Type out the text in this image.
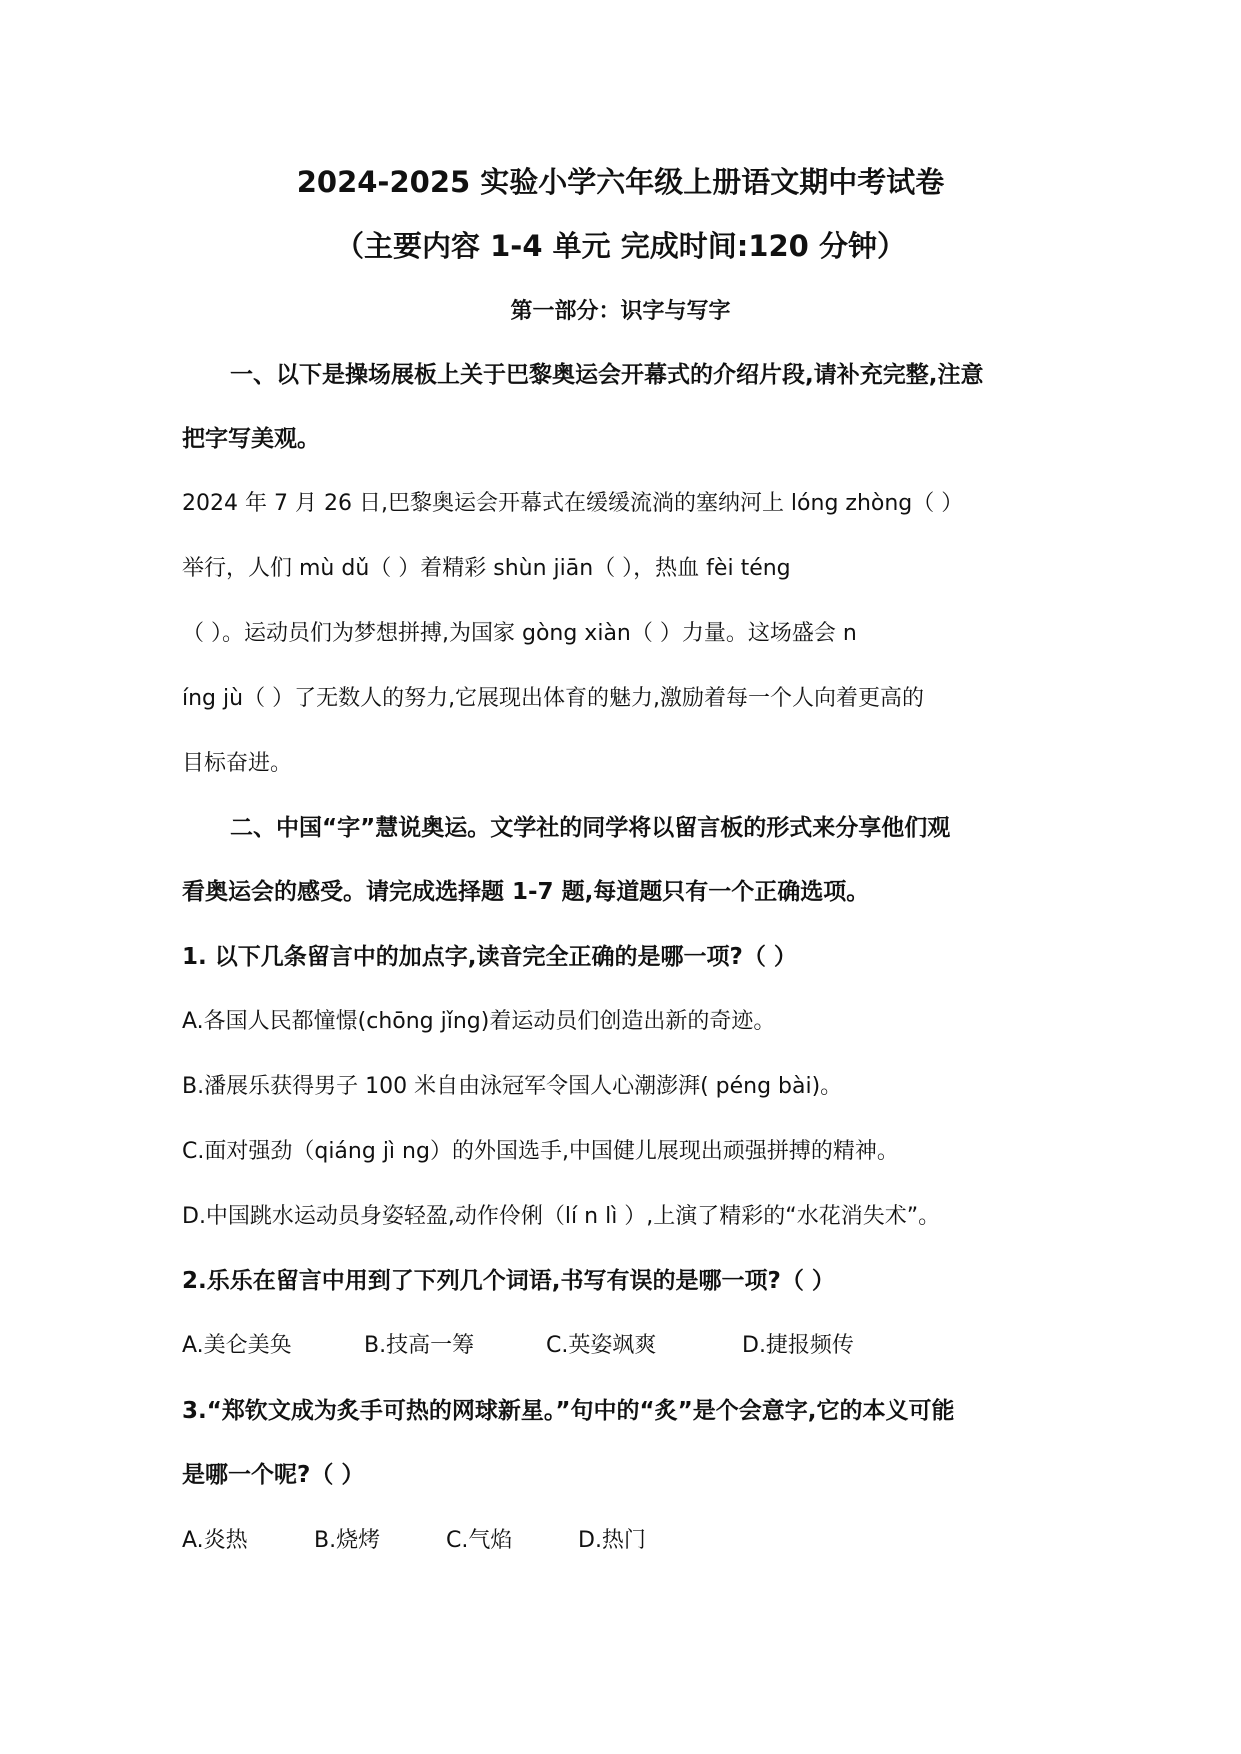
2024-2025 实验小学六年级上册语文期中考试卷
（主要内容 1-4 单元 完成时间:120 分钟）
第一部分：识字与写字
一、以下是操场展板上关于巴黎奥运会开幕式的介绍片段,请补充完整,注意
把字写美观。
2024 年 7 月 26 日,巴黎奥运会开幕式在缓缓流淌的塞纳河上 lóng zhòng（ ）
举行，人们 mù dǔ（ ）着精彩 shùn jiān（ ），热血 fèi téng
（ ）。运动员们为梦想拼搏,为国家 gòng xiàn（ ）力量。这场盛会 n
íng jù（ ）了无数人的努力,它展现出体育的魅力,激励着每一个人向着更高的
目标奋进。
二、中国“字”慧说奥运。文学社的同学将以留言板的形式来分享他们观
看奥运会的感受。请完成选择题 1-7 题,每道题只有一个正确选项。
1. 以下几条留言中的加点字,读音完全正确的是哪一项?（ ）
A.各国人民都憧憬(chōng jǐng)着运动员们创造出新的奇迹。
B.潘展乐获得男子 100 米自由泳冠军令国人心潮澎湃( péng bài)。
C.面对强劲（qiáng jì ng）的外国选手,中国健儿展现出顽强拼搏的精神。
D.中国跳水运动员身姿轻盈,动作伶俐（lí n lì ）,上演了精彩的“水花消失术”。
2.乐乐在留言中用到了下列几个词语,书写有误的是哪一项?（ ）
A.美仑美奂	B.技高一筹	C.英姿飒爽	D.捷报频传
3.“郑钦文成为炙手可热的网球新星。”句中的“炙”是个会意字,它的本义可能
是哪一个呢?（ ）
A.炎热	B.烧烤	C.气焰	D.热门
